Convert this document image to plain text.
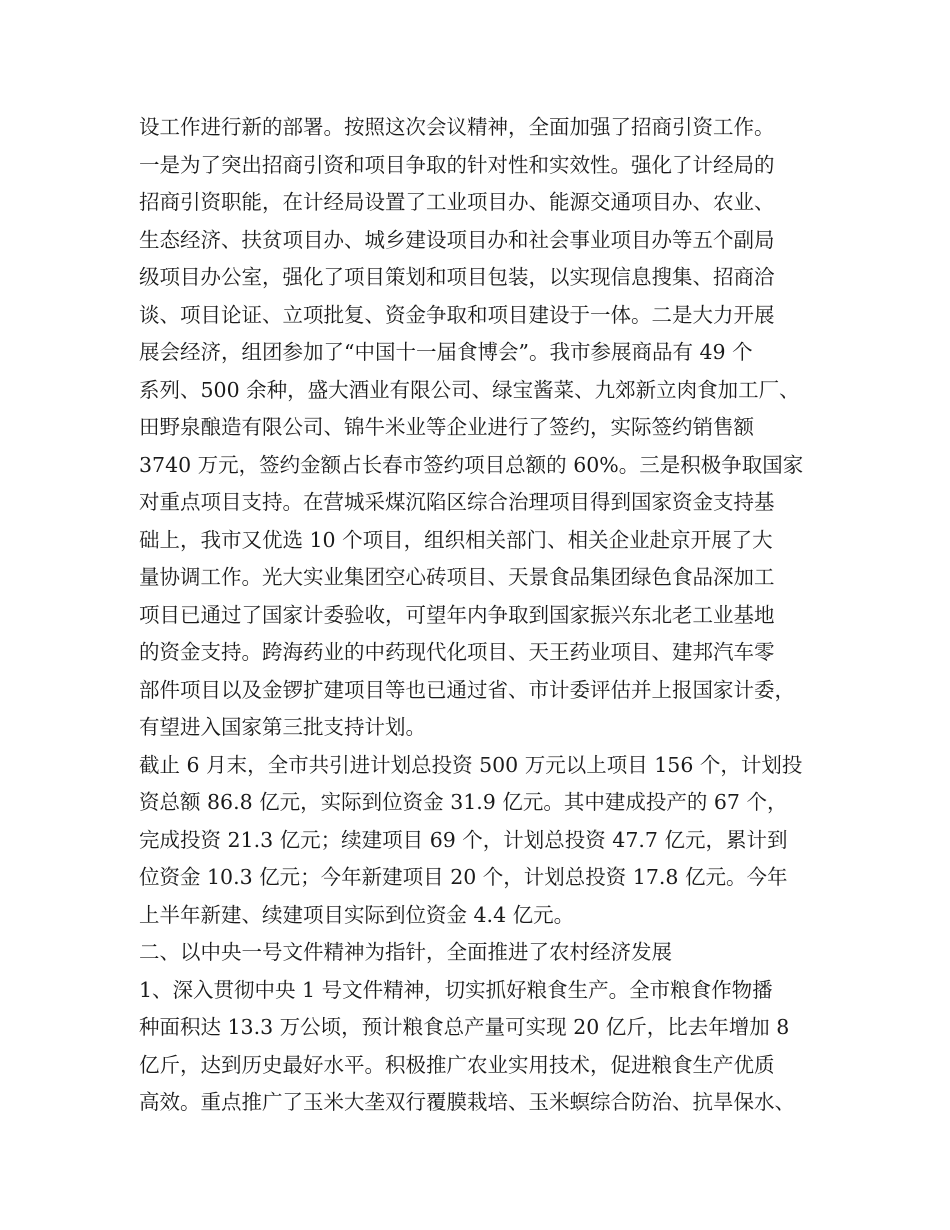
设工作进行新的部署。按照这次会议精神，全面加强了招商引资工作。
一是为了突出招商引资和项目争取的针对性和实效性。强化了计经局的
招商引资职能，在计经局设置了工业项目办、能源交通项目办、农业、
生态经济、扶贫项目办、城乡建设项目办和社会事业项目办等五个副局
级项目办公室，强化了项目策划和项目包装，以实现信息搜集、招商洽
谈、项目论证、立项批复、资金争取和项目建设于一体。二是大力开展
展会经济，组团参加了“中国十一届食博会”。我市参展商品有 49 个
系列、500 余种，盛大酒业有限公司、绿宝酱菜、九郊新立肉食加工厂、
田野泉酿造有限公司、锦牛米业等企业进行了签约，实际签约销售额
3740 万元，签约金额占长春市签约项目总额的 60%。三是积极争取国家
对重点项目支持。在营城采煤沉陷区综合治理项目得到国家资金支持基
础上，我市又优选 10 个项目，组织相关部门、相关企业赴京开展了大
量协调工作。光大实业集团空心砖项目、天景食品集团绿色食品深加工
项目已通过了国家计委验收，可望年内争取到国家振兴东北老工业基地
的资金支持。跨海药业的中药现代化项目、天王药业项目、建邦汽车零
部件项目以及金锣扩建项目等也已通过省、市计委评估并上报国家计委，
有望进入国家第三批支持计划。
截止 6 月末，全市共引进计划总投资 500 万元以上项目 156 个，计划投
资总额 86.8 亿元，实际到位资金 31.9 亿元。其中建成投产的 67 个，
完成投资 21.3 亿元；续建项目 69 个，计划总投资 47.7 亿元，累计到
位资金 10.3 亿元；今年新建项目 20 个，计划总投资 17.8 亿元。今年
上半年新建、续建项目实际到位资金 4.4 亿元。
二、以中央一号文件精神为指针，全面推进了农村经济发展
1、深入贯彻中央 1 号文件精神，切实抓好粮食生产。全市粮食作物播
种面积达 13.3 万公顷，预计粮食总产量可实现 20 亿斤，比去年增加 8
亿斤，达到历史最好水平。积极推广农业实用技术，促进粮食生产优质
高效。重点推广了玉米大垄双行覆膜栽培、玉米螟综合防治、抗旱保水、
